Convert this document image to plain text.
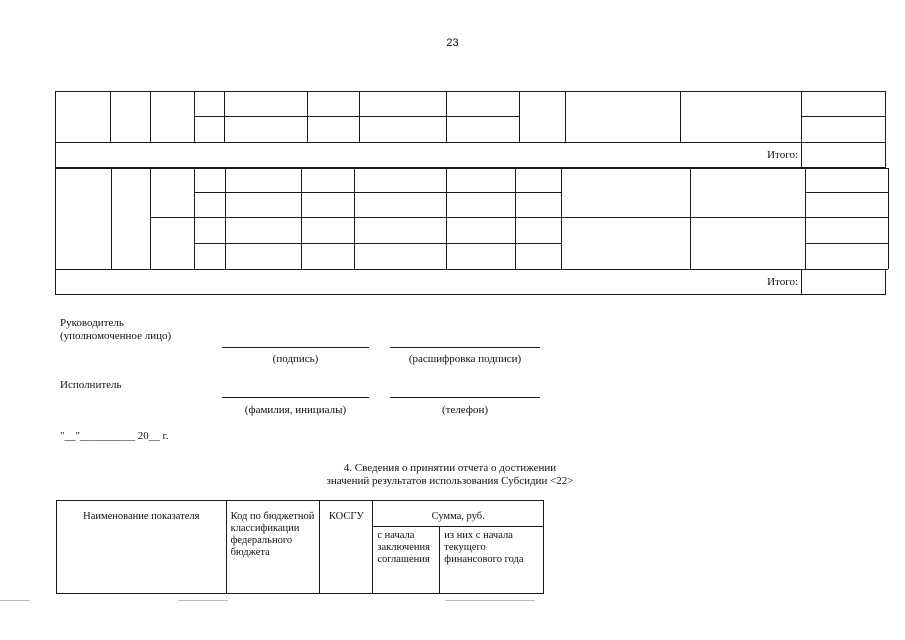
23
Итого:
Итого:
Руководитель
(уполномоченное лицо)
(подпись)	(расшифровка подписи)
Исполнитель
(фамилия, инициалы)	(телефон)
"__"__________ 20__ г.
4. Сведения о принятии отчета о достижении
значений результатов использования Субсидии <22>
Наименование показателя	Код по бюджетной классификации федерального бюджета	КОСГУ	Сумма, руб.	
			с начала заключения соглашения	из них с начала текущего финансового года
